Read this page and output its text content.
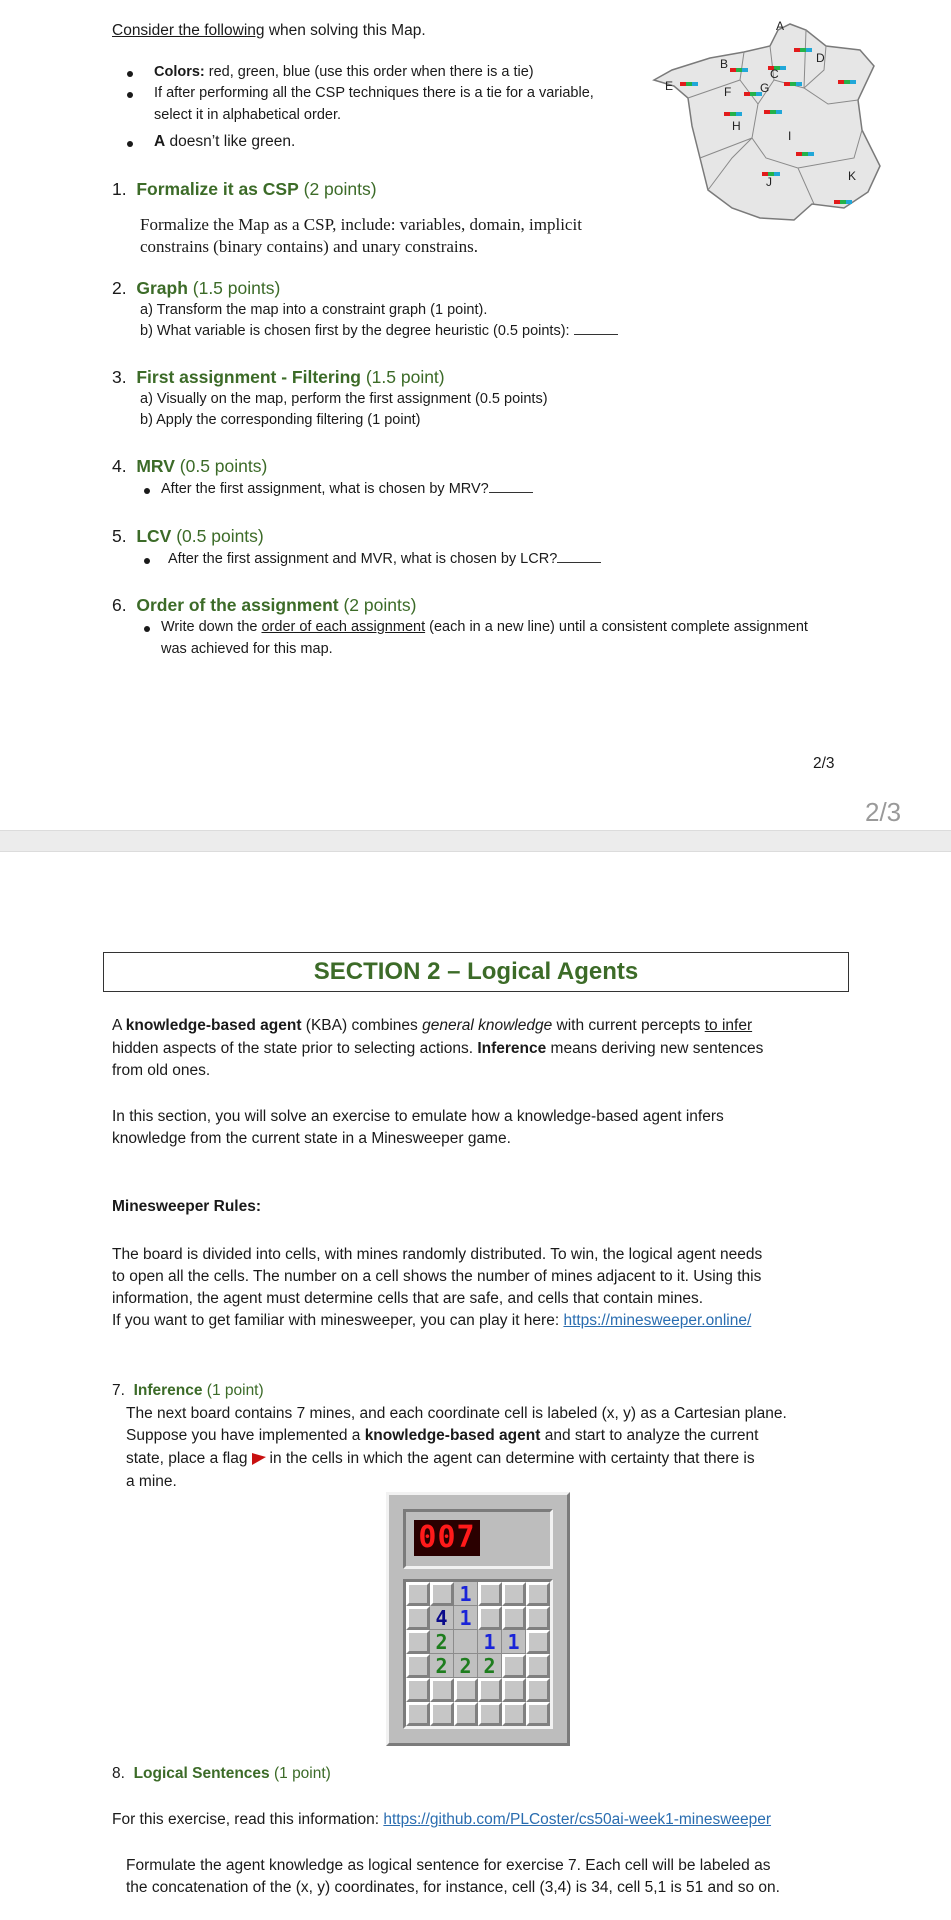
Consider the following when solving this Map.
Colors: red, green, blue (use this order when there is a tie)
If after performing all the CSP techniques there is a tie for a variable,
select it in alphabetical order.
A doesn’t like green.
1. Formalize it as CSP (2 points)
Formalize the Map as a CSP, include: variables, domain, implicit
constrains (binary contains) and unary constrains.
2. Graph (1.5 points)
a) Transform the map into a constraint graph (1 point).
b) What variable is chosen first by the degree heuristic (0.5 points):
3. First assignment - Filtering (1.5 point)
a) Visually on the map, perform the first assignment (0.5 points)
b) Apply the corresponding filtering (1 point)
4. MRV (0.5 points)
After the first assignment, what is chosen by MRV?
5. LCV (0.5 points)
After the first assignment and MVR, what is chosen by LCR?
6. Order of the assignment (2 points)
Write down the order of each assignment (each in a new line) until a consistent complete assignment
was achieved for this map.
2/3
2/3
A
B
C
D
E	F G
H
I
J	K
SECTION 2 – Logical Agents
A knowledge-based agent (KBA) combines general knowledge with current percepts to infer
hidden aspects of the state prior to selecting actions. Inference means deriving new sentences
from old ones.
In this section, you will solve an exercise to emulate how a knowledge-based agent infers
knowledge from the current state in a Minesweeper game.
Minesweeper Rules:
The board is divided into cells, with mines randomly distributed. To win, the logical agent needs
to open all the cells. The number on a cell shows the number of mines adjacent to it. Using this
information, the agent must determine cells that are safe, and cells that contain mines.
If you want to get familiar with minesweeper, you can play it here: https://minesweeper.online/
7. Inference (1 point)
The next board contains 7 mines, and each coordinate cell is labeled (x, y) as a Cartesian plane.
Suppose you have implemented a knowledge-based agent and start to analyze the current
state, place a flag in the cells in which the agent can determine with certainty that there is
a mine.
007
1
4 1
2	1 1
2 2 2
8. Logical Sentences (1 point)
For this exercise, read this information: https://github.com/PLCoster/cs50ai-week1-minesweeper
Formulate the agent knowledge as logical sentence for exercise 7. Each cell will be labeled as
the concatenation of the (x, y) coordinates, for instance, cell (3,4) is 34, cell 5,1 is 51 and so on.
